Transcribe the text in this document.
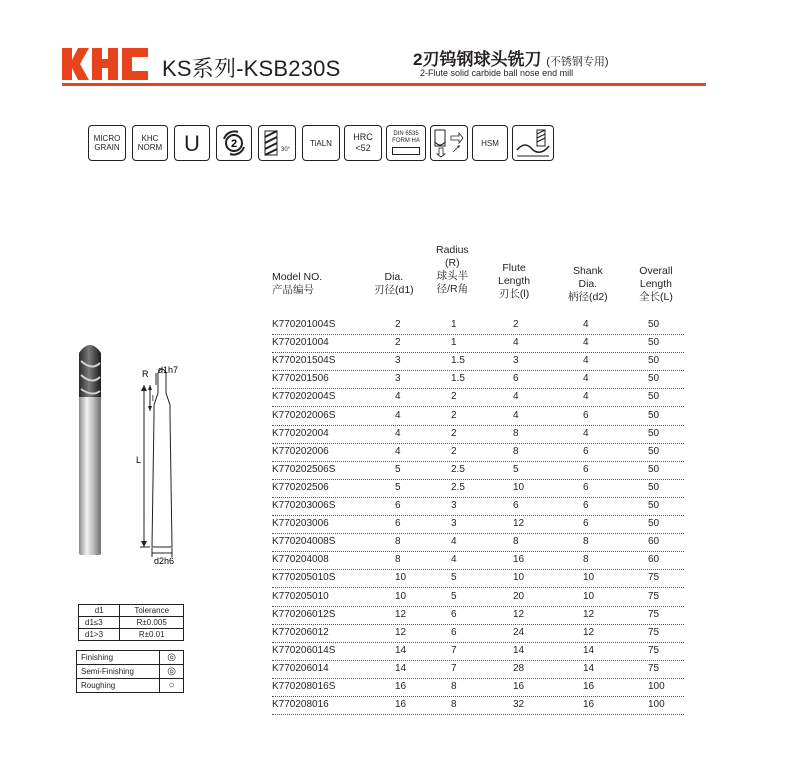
KS系列-KSB230S	2刃钨钢球头铣刀 (不锈钢专用)
2-Flute solid carbide ball nose end mill
MICRO
GRAIN
KHC
NORM U	2	30°
TiALN
HRC
<52
DIN 6535
FORM HA	HSM
Model NO.
产品编号
Dia.
刃径(d1)
Radius
(R)
球头半
径/R角
Flute
Length
刃长(l)
Shank
Dia.
柄径(d2)
Overall
Length
全长(L)
K770201004S	2	1	2	4	50
K770201004	2	1	4	4	50
K770201504S	3	1.5	3	4	50
K770201506	3	1.5	6	4	50
K770202004S	4	2	4	4	50
K770202006S	4	2	4	6	50
K770202004	4	2	8	4	50
K770202006	4	2	8	6	50
K770202506S	5	2.5	5	6	50
K770202506	5	2.5	10	6	50
K770203006S	6	3	6	6	50
K770203006	6	3	12	6	50
K770204008S	8	4	8	8	60
K770204008	8	4	16	8	60
K770205010S	10	5	10	10	75
K770205010	10	5	20	10	75
K770206012S	12	6	12	12	75
K770206012	12	6	24	12	75
K770206014S	14	7	14	14	75
K770206014	14	7	28	14	75
K770208016S	16	8	16	16	100
K770208016	16	8	32	16	100
R d1h7
l
L
d2h6
d1	Tolerance
d1≤3	R±0.005
d1>3	R±0.01
Finishing	◎
Semi-Finishing	◎
Roughing	○
